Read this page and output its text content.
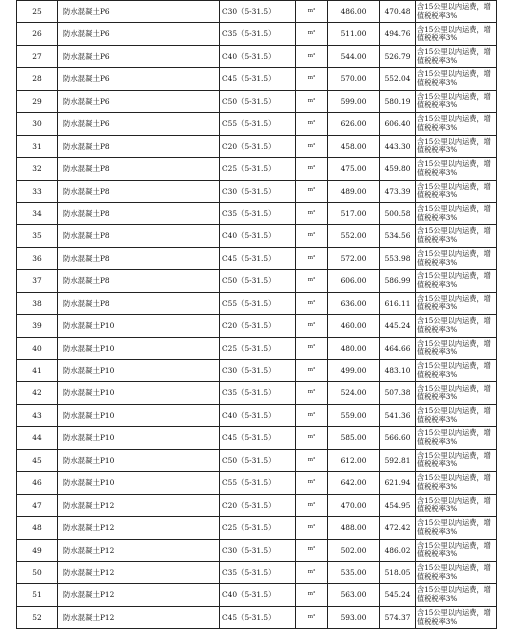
25	防水混凝土P6	C30（5-31.5）	m³	486.00	470.48	含15公里以内运费，增值税税率3%
26	防水混凝土P6	C35（5-31.5）	m³	511.00	494.76	含15公里以内运费，增值税税率3%
27	防水混凝土P6	C40（5-31.5）	m³	544.00	526.79	含15公里以内运费，增值税税率3%
28	防水混凝土P6	C45（5-31.5）	m³	570.00	552.04	含15公里以内运费，增值税税率3%
29	防水混凝土P6	C50（5-31.5）	m³	599.00	580.19	含15公里以内运费，增值税税率3%
30	防水混凝土P6	C55（5-31.5）	m³	626.00	606.40	含15公里以内运费，增值税税率3%
31	防水混凝土P8	C20（5-31.5）	m³	458.00	443.30	含15公里以内运费，增值税税率3%
32	防水混凝土P8	C25（5-31.5）	m³	475.00	459.80	含15公里以内运费，增值税税率3%
33	防水混凝土P8	C30（5-31.5）	m³	489.00	473.39	含15公里以内运费，增值税税率3%
34	防水混凝土P8	C35（5-31.5）	m³	517.00	500.58	含15公里以内运费，增值税税率3%
35	防水混凝土P8	C40（5-31.5）	m³	552.00	534.56	含15公里以内运费，增值税税率3%
36	防水混凝土P8	C45（5-31.5）	m³	572.00	553.98	含15公里以内运费，增值税税率3%
37	防水混凝土P8	C50（5-31.5）	m³	606.00	586.99	含15公里以内运费，增值税税率3%
38	防水混凝土P8	C55（5-31.5）	m³	636.00	616.11	含15公里以内运费，增值税税率3%
39	防水混凝土P10	C20（5-31.5）	m³	460.00	445.24	含15公里以内运费，增值税税率3%
40	防水混凝土P10	C25（5-31.5）	m³	480.00	464.66	含15公里以内运费，增值税税率3%
41	防水混凝土P10	C30（5-31.5）	m³	499.00	483.10	含15公里以内运费，增值税税率3%
42	防水混凝土P10	C35（5-31.5）	m³	524.00	507.38	含15公里以内运费，增值税税率3%
43	防水混凝土P10	C40（5-31.5）	m³	559.00	541.36	含15公里以内运费，增值税税率3%
44	防水混凝土P10	C45（5-31.5）	m³	585.00	566.60	含15公里以内运费，增值税税率3%
45	防水混凝土P10	C50（5-31.5）	m³	612.00	592.81	含15公里以内运费，增值税税率3%
46	防水混凝土P10	C55（5-31.5）	m³	642.00	621.94	含15公里以内运费，增值税税率3%
47	防水混凝土P12	C20（5-31.5）	m³	470.00	454.95	含15公里以内运费，增值税税率3%
48	防水混凝土P12	C25（5-31.5）	m³	488.00	472.42	含15公里以内运费，增值税税率3%
49	防水混凝土P12	C30（5-31.5）	m³	502.00	486.02	含15公里以内运费，增值税税率3%
50	防水混凝土P12	C35（5-31.5）	m³	535.00	518.05	含15公里以内运费，增值税税率3%
51	防水混凝土P12	C40（5-31.5）	m³	563.00	545.24	含15公里以内运费，增值税税率3%
52	防水混凝土P12	C45（5-31.5）	m³	593.00	574.37	含15公里以内运费，增值税税率3%
